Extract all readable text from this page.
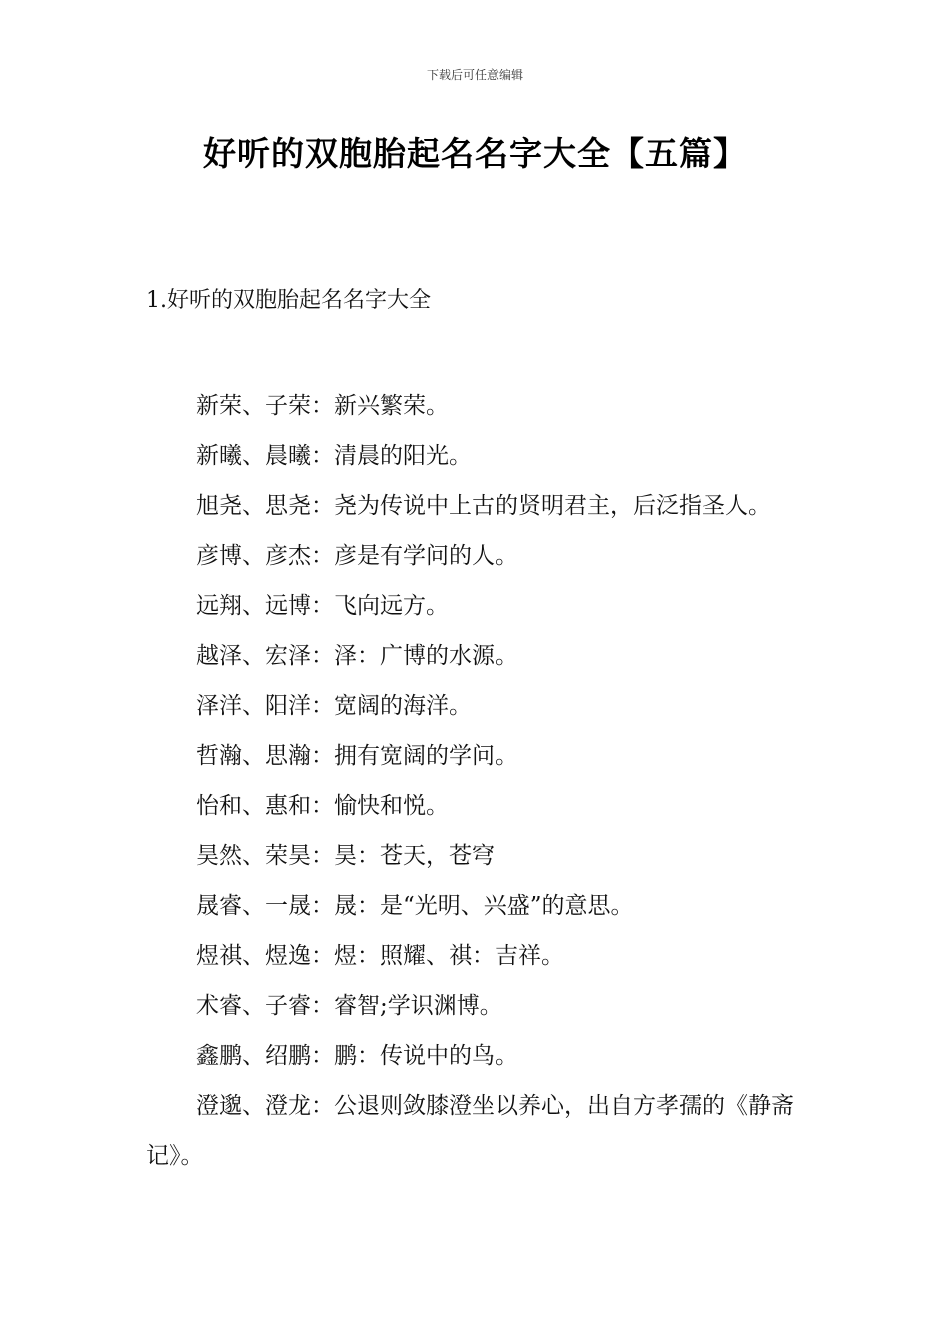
下载后可任意编辑
好听的双胞胎起名名字大全【五篇】
1.好听的双胞胎起名名字大全

新荣、子荣：新兴繁荣。

新曦、晨曦：清晨的阳光。

旭尧、思尧：尧为传说中上古的贤明君主，后泛指圣人。

彦博、彦杰：彦是有学问的人。

远翔、远博：飞向远方。

越泽、宏泽：泽：广博的水源。

泽洋、阳洋：宽阔的海洋。

哲瀚、思瀚：拥有宽阔的学问。

怡和、惠和：愉快和悦。

昊然、荣昊：昊：苍天，苍穹

晟睿、一晟：晟：是“光明、兴盛”的意思。

煜祺、煜逸：煜：照耀、祺：吉祥。

术睿、子睿：睿智;学识渊博。

鑫鹏、绍鹏：鹏：传说中的鸟。

澄邈、澄龙：公退则敛膝澄坐以养心，出自方孝孺的《静斋记》。
